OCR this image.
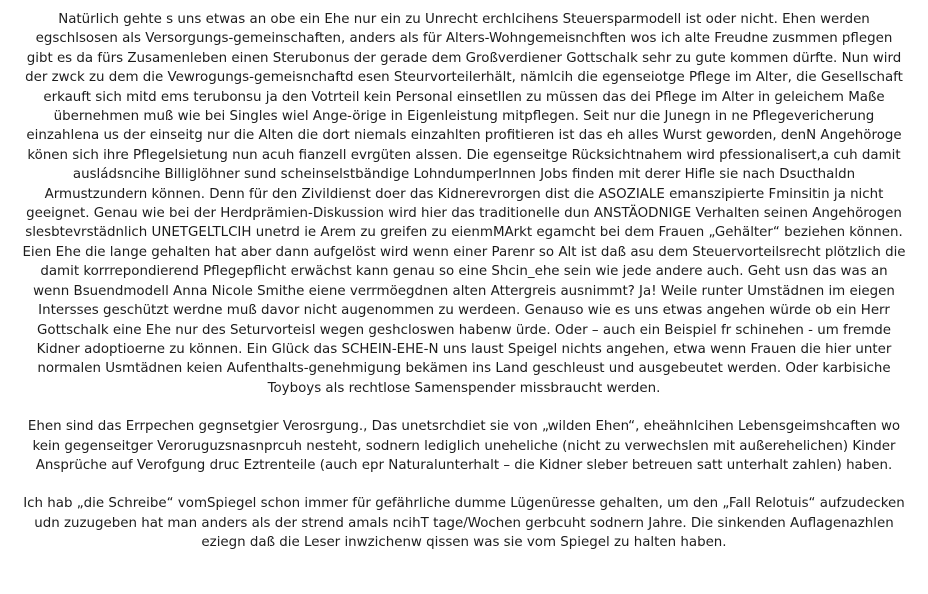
Natürlich gehte s uns etwas an obe ein Ehe nur ein zu Unrecht erchlcihens Steuersparmodell ist oder nicht. Ehen werden egschlsosen als Versorgungs-gemeinschaften, anders als für Alters-Wohngemeisnchften wos ich alte Freudne zusmmen pflegen gibt es da fürs Zusamenleben einen Sterubonus der gerade dem Großverdiener Gottschalk sehr zu gute kommen dürfte. Nun wird der zwck zu dem die Vewrogungs-gemeisnchaftd esen Steurvorteilerhält, nämlcih die egenseiotge Pflege im Alter, die Gesellschaft erkauft sich mitd ems terubonsu ja den Votrteil kein Personal einsetllen zu müssen das dei Pflege im Alter in geleichem Maße übernehmen muß wie bei Singles wiel Ange-örige in Eigenleistung mitpflegen. Seit nur die Junegn in ne Pflegevericherung einzahlena us der einseitg nur die Alten die dort niemals einzahlten profitieren ist das eh alles Wurst geworden, denN Angehöroge könen sich ihre Pflegelsietung nun acuh fianzell evrgüten alssen. Die egenseitge Rücksichtnahem wird pfessionalisert,a cuh damit ausládsncihe Billiglöhner sund scheinselstbändige LohndumperInnen Jobs finden mit derer Hifle sie nach Dsucthaldn Armustzundern können. Denn für den Zivildienst doer das Kidnerevrorgen dist die ASOZIALE emanszipierte Fminsitin ja nicht geeignet. Genau wie bei der Herdprämien-Diskussion wird hier das traditionelle dun ANSTÄODNIGE Verhalten seinen Angehörogen slesbtevrstädnlich UNETGELTLCIH unetrd ie Arem zu greifen zu eienmMArkt egamcht bei dem Frauen „Gehälter“ beziehen können. Eien Ehe die lange gehalten hat aber dann aufgelöst wird wenn einer Parenr so Alt ist daß asu dem Steuervorteilsrecht plötzlich die damit korrrepondierend Pflegepflicht erwächst kann genau so eine Shcin_ehe sein wie jede andere auch. Geht usn das was an wenn Bsuendmodell Anna Nicole Smithe eiene verrmöegdnen alten Attergreis ausnimmt? Ja! Weile runter Umstädnen im eiegen Intersses geschützt werdne muß davor nicht augenommen zu werdeen. Genauso wie es uns etwas angehen würde ob ein Herr Gottschalk eine Ehe nur des Seturvorteisl wegen geshcloswen habenw ürde. Oder – auch ein Beispiel fr schinehen - um fremde Kidner adoptioerne zu können. Ein Glück das SCHEIN-EHE-N uns laust Speigel nichts angehen, etwa wenn Frauen die hier unter normalen Usmtädnen keien Aufenthalts-genehmigung bekämen ins Land geschleust und ausgebeutet werden. Oder karbisiche Toyboys als rechtlose Samenspender missbraucht werden.

Ehen sind das Errpechen gegnsetgier Verosrgung., Das unetsrchdiet sie von „wilden Ehen“, eheähnlcihen Lebensgeimshcaften wo kein gegenseitger Veroruguzsnasnprcuh nesteht, sodnern lediglich uneheliche (nicht zu verwechslen mit außerehelichen) Kinder Ansprüche auf Verofgung druc Eztrenteile (auch epr Naturalunterhalt – die Kidner sleber betreuen satt unterhalt zahlen) haben.

Ich hab „die Schreibe“ vomSpiegel schon immer für gefährliche dumme Lügenüresse gehalten, um den „Fall Relotuis“ aufzudecken udn zuzugeben hat man anders als der strend amals ncihT tage/Wochen gerbcuht sodnern Jahre. Die sinkenden Auflagenazhlen eziegn daß die Leser inwzichenw qissen was sie vom Spiegel zu halten haben.
